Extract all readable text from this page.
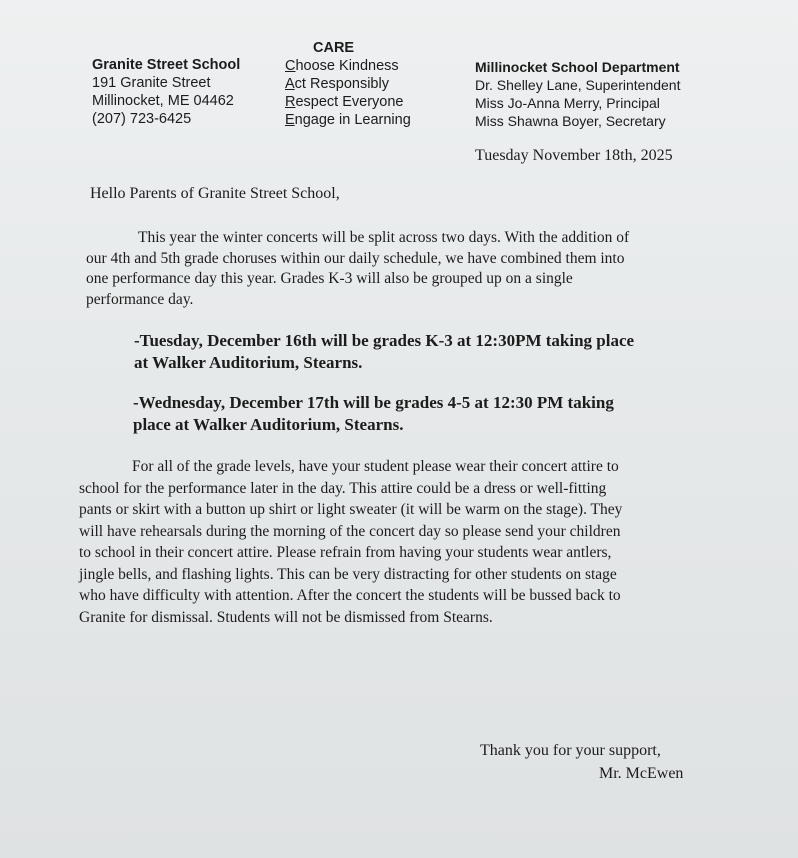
Granite Street School
191 Granite Street
Millinocket, ME 04462
(207) 723-6425
CARE
Choose Kindness
Act Responsibly
Respect Everyone
Engage in Learning
Millinocket School Department
Dr. Shelley Lane, Superintendent
Miss Jo-Anna Merry, Principal
Miss Shawna Boyer, Secretary

Tuesday November 18th, 2025

Hello Parents of Granite Street School,

This year the winter concerts will be split across two days. With the addition of
our 4th and 5th grade choruses within our daily schedule, we have combined them into
one performance day this year. Grades K-3 will also be grouped up on a single
performance day.
-Tuesday, December 16th will be grades K-3 at 12:30PM taking place
at Walker Auditorium, Stearns.
-Wednesday, December 17th will be grades 4-5 at 12:30 PM taking
place at Walker Auditorium, Stearns.
For all of the grade levels, have your student please wear their concert attire to
school for the performance later in the day. This attire could be a dress or well-fitting
pants or skirt with a button up shirt or light sweater (it will be warm on the stage). They
will have rehearsals during the morning of the concert day so please send your children
to school in their concert attire. Please refrain from having your students wear antlers,
jingle bells, and flashing lights. This can be very distracting for other students on stage
who have difficulty with attention. After the concert the students will be bussed back to
Granite for dismissal. Students will not be dismissed from Stearns.

Thank you for your support,

Mr. McEwen
